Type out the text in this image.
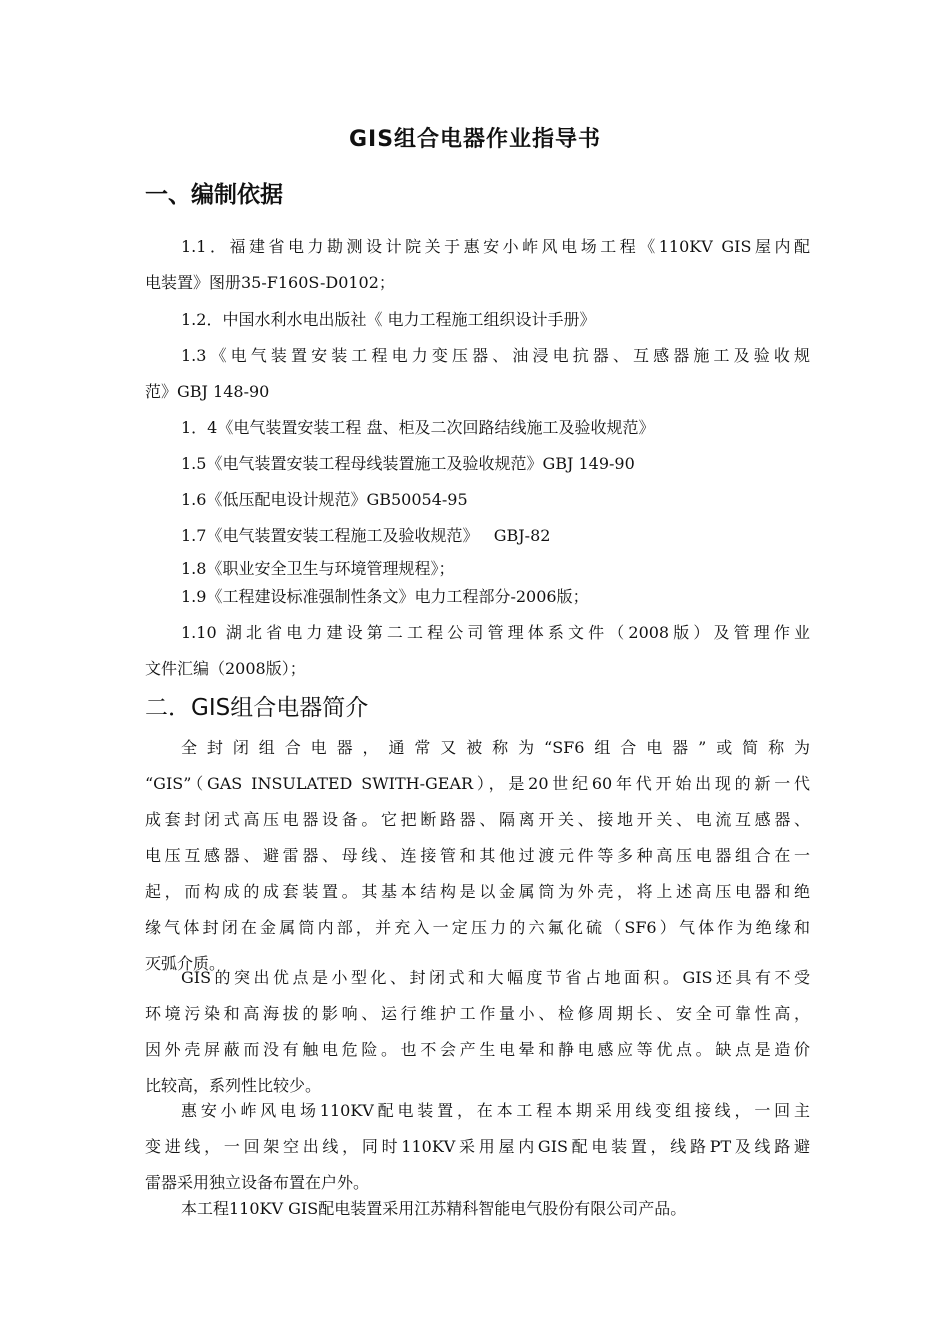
GIS组合电器作业指导书
一、编制依据
1.1．福建省电力勘测设计院关于惠安小岞风电场工程《110KV GIS屋内配
电装置》图册35-F160S-D0102；
1.2．中国水利水电出版社《 电力工程施工组织设计手册》
1.3《电气装置安装工程电力变压器、油浸电抗器、互感器施工及验收规
范》GBJ 148-90
1．4《电气装置安装工程 盘、柜及二次回路结线施工及验收规范》
1.5《电气装置安装工程母线装置施工及验收规范》GBJ 149-90
1.6《低压配电设计规范》GB50054-95
1.7《电气装置安装工程施工及验收规范》   GBJ-82
1.8《职业安全卫生与环境管理规程》；
1.9《工程建设标准强制性条文》电力工程部分-2006版；
1.10 湖北省电力建设第二工程公司管理体系文件（2008版）及管理作业
文件汇编（2008版）；
二．GIS组合电器简介
全封闭组合电器，通常又被称为“SF6组合电器”或简称为
“GIS”（GAS INSULATED SWITH-GEAR），是20世纪60年代开始出现的新一代
成套封闭式高压电器设备。它把断路器、隔离开关、接地开关、电流互感器、
电压互感器、避雷器、母线、连接管和其他过渡元件等多种高压电器组合在一
起，而构成的成套装置。其基本结构是以金属筒为外壳，将上述高压电器和绝
缘气体封闭在金属筒内部，并充入一定压力的六氟化硫（SF6）气体作为绝缘和
灭弧介质。
GIS的突出优点是小型化、封闭式和大幅度节省占地面积。GIS还具有不受
环境污染和高海拔的影响、运行维护工作量小、检修周期长、安全可靠性高，
因外壳屏蔽而没有触电危险。也不会产生电晕和静电感应等优点。缺点是造价
比较高，系列性比较少。
惠安小岞风电场110KV配电装置，在本工程本期采用线变组接线，一回主
变进线，一回架空出线，同时110KV采用屋内GIS配电装置，线路PT及线路避
雷器采用独立设备布置在户外。
本工程110KV GIS配电装置采用江苏精科智能电气股份有限公司产品。
